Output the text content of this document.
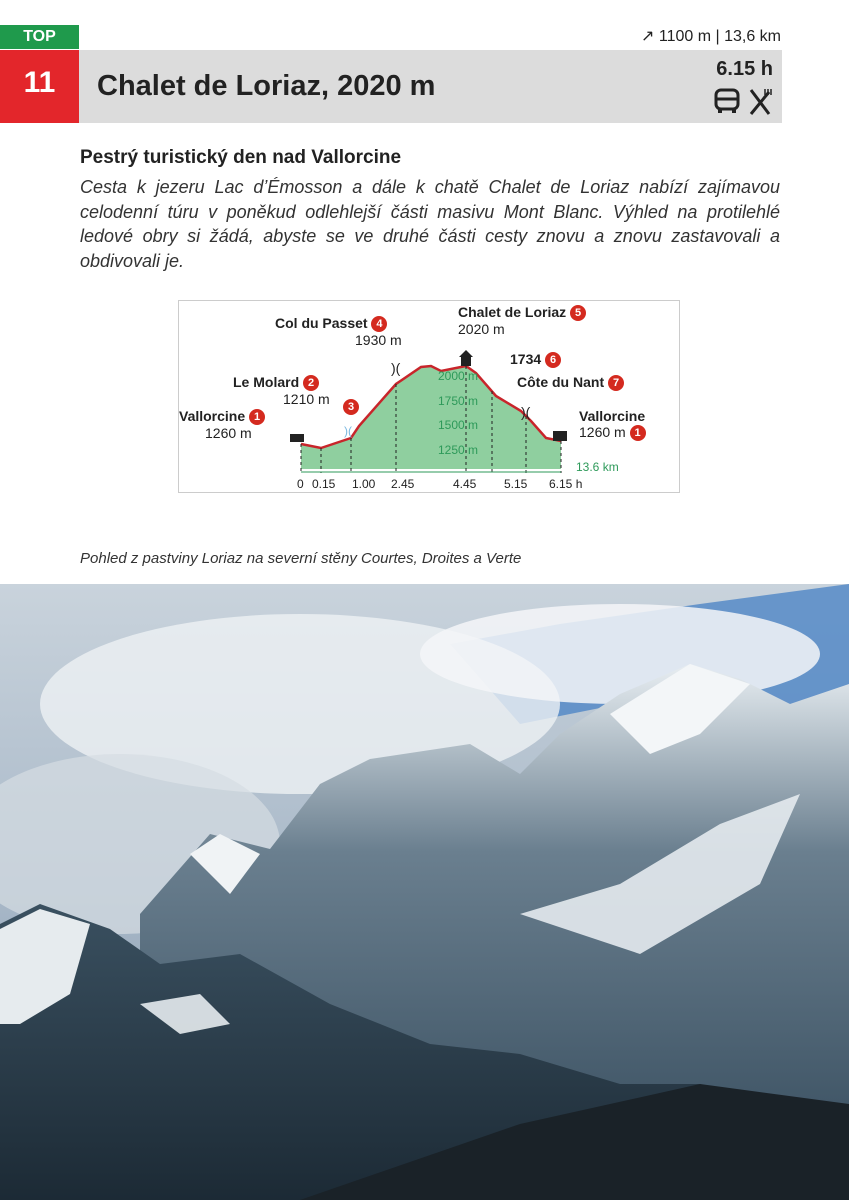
TOP
11	Chalet de Loriaz, 2020 m
↗ 1100 m | 13,6 km
6.15 h
Pestrý turistický den nad Vallorcine
Cesta k jezeru Lac d’Émosson a dále k chatě Chalet de Loriaz nabízí zajímavou celodenní túru v poněkud odlehlejší části masivu Mont Blanc. Výhled na protilehlé ledové obry si žádá, abyste se ve druhé části cesty znovu a znovu zastavovali a obdivovali je.
)(
)(
)(
Vallorcine 1
1260 m
Le Molard 2
1210 m	3
Col du Passet 4
1930 m
Chalet de Loriaz 5
2020 m
1734 6
Côte du Nant 7
Vallorcine
1260 m 1
2000 m
1750 m
1500 m
1250 m
13.6 km
0 0.15 1.00 2.45	4.45 5.15 6.15 h
Pohled z pastviny Loriaz na severní stěny Courtes, Droites a Verte
